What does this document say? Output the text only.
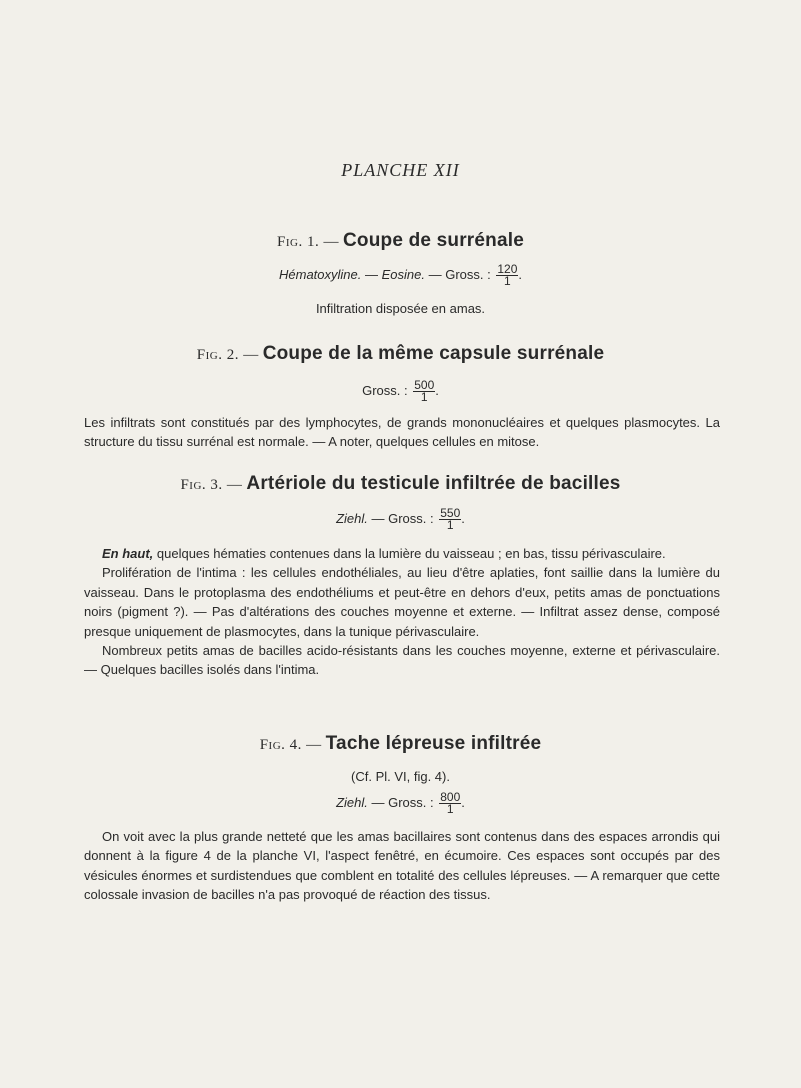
PLANCHE XII
Fig. 1. — Coupe de surrénale
Hématoxyline. — Eosine. — Gross. : $\frac{120}{1}$ .
Infiltration disposée en amas.
Fig. 2. — Coupe de la même capsule surrénale
Gross. : $\frac{500}{1}$ .

Les infiltrats sont constitués par des lymphocytes, de grands mononucléaires et quelques plasmocytes. La structure du tissu surrénal est normale. — A noter, quelques cellules en mitose.

Fig. 3. — Artériole du testicule infiltrée de bacilles
Ziehl. — Gross. : $\frac{550}{1}$ .

En haut, quelques hématies contenues dans la lumière du vaisseau ; en bas, tissu périvasculaire.

Prolifération de l'intima : les cellules endothéliales, au lieu d'être aplaties, font saillie dans la lumière du vaisseau. Dans le protoplasma des endothéliums et peut-être en dehors d'eux, petits amas de ponctuations noirs (pigment ?). — Pas d'altérations des couches moyenne et externe. — Infiltrat assez dense, composé presque uniquement de plasmocytes, dans la tunique périvasculaire.

Nombreux petits amas de bacilles acido-résistants dans les couches moyenne, externe et périvasculaire. — Quelques bacilles isolés dans l'intima.

Fig. 4. — Tache lépreuse infiltrée
(Cf. Pl. VI, fig. 4).
Ziehl. — Gross. : $\frac{800}{1}$ .

On voit avec la plus grande netteté que les amas bacillaires sont contenus dans des espaces arrondis qui donnent à la figure 4 de la planche VI, l'aspect fenêtré, en écumoire. Ces espaces sont occupés par des vésicules énormes et surdistendues que comblent en totalité des cellules lépreuses. — A remarquer que cette colossale invasion de bacilles n'a pas provoqué de réaction des tissus.
